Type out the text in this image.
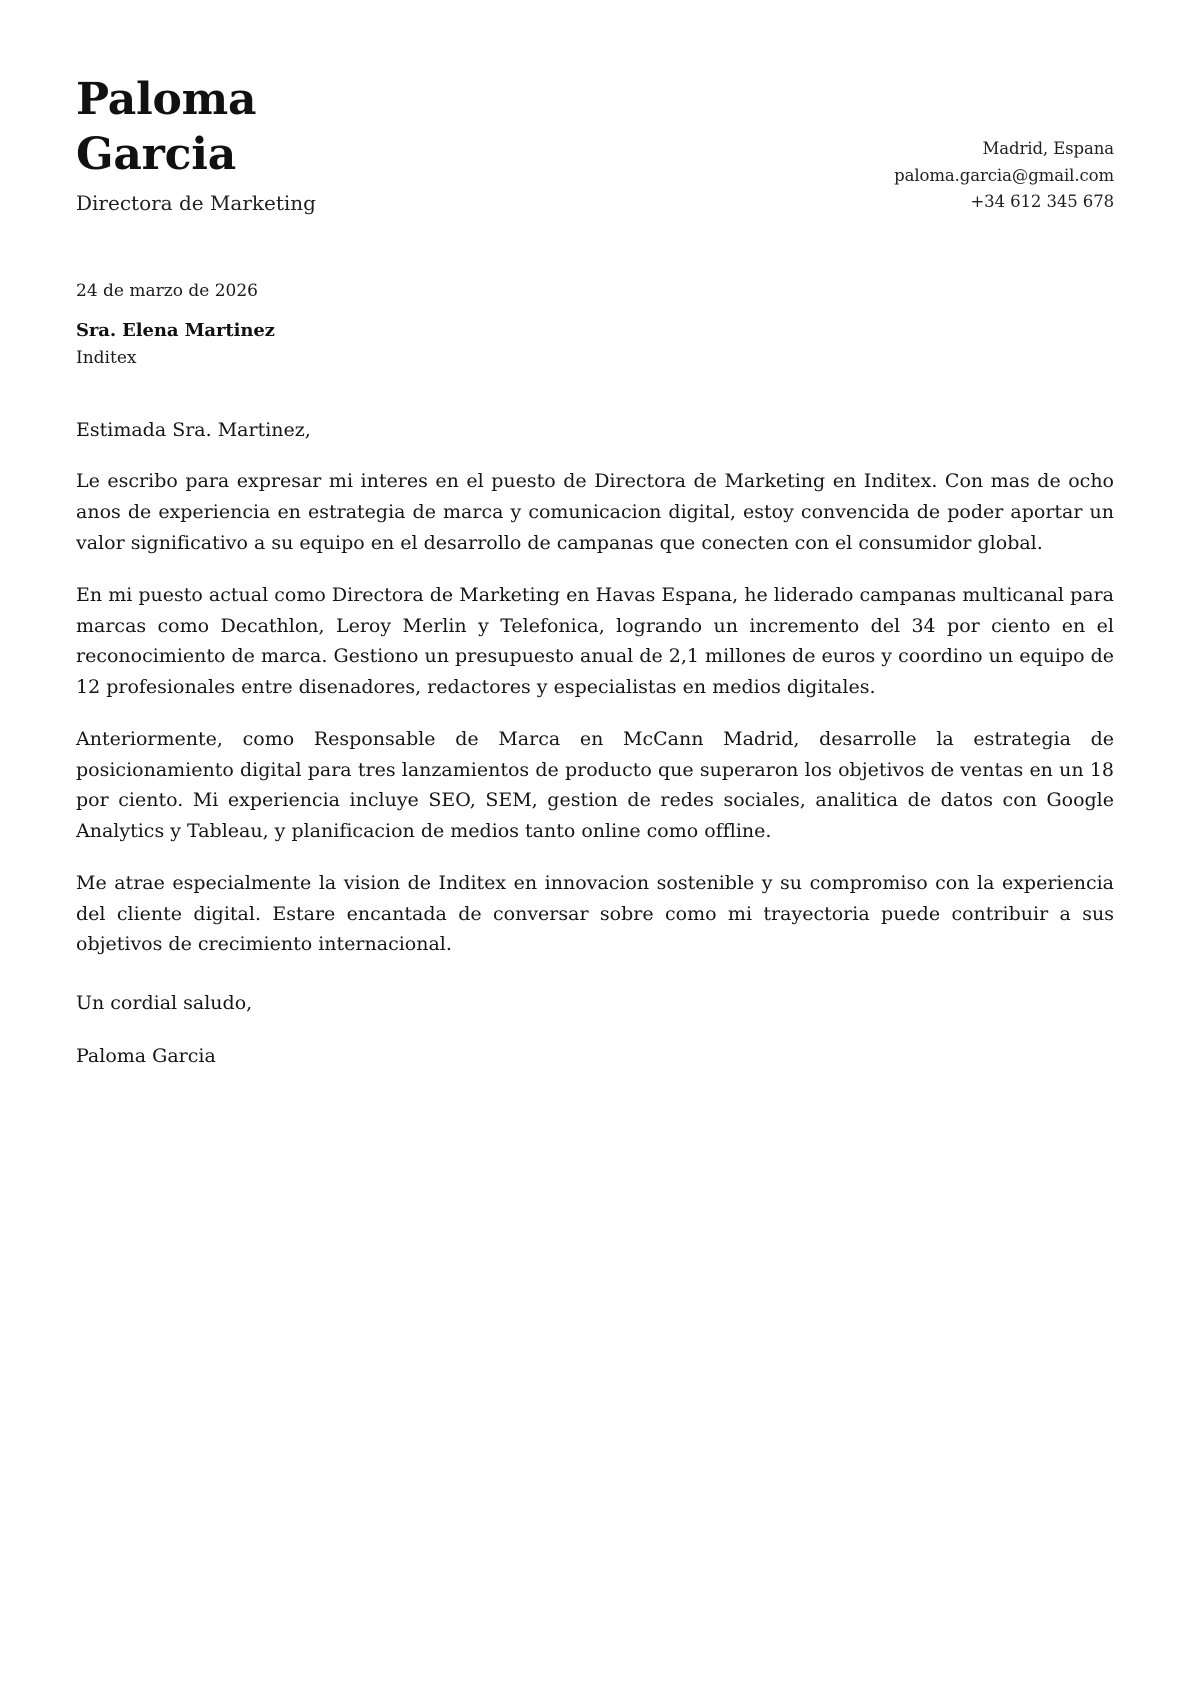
Paloma Garcia
Directora de Marketing
Madrid, Espana
paloma.garcia@gmail.com
+34 612 345 678
24 de marzo de 2026
Sra. Elena Martinez
Inditex
Estimada Sra. Martinez,

Le escribo para expresar mi interes en el puesto de Directora de Marketing en Inditex. Con mas de ocho anos de experiencia en estrategia de marca y comunicacion digital, estoy convencida de poder aportar un valor significativo a su equipo en el desarrollo de campanas que conecten con el consumidor global.

En mi puesto actual como Directora de Marketing en Havas Espana, he liderado campanas multicanal para marcas como Decathlon, Leroy Merlin y Telefonica, logrando un incremento del 34 por ciento en el reconocimiento de marca. Gestiono un presupuesto anual de 2,1 millones de euros y coordino un equipo de 12 profesionales entre disenadores, redactores y especialistas en medios digitales.

Anteriormente, como Responsable de Marca en McCann Madrid, desarrolle la estrategia de posicionamiento digital para tres lanzamientos de producto que superaron los objetivos de ventas en un 18 por ciento. Mi experiencia incluye SEO, SEM, gestion de redes sociales, analitica de datos con Google Analytics y Tableau, y planificacion de medios tanto online como offline.

Me atrae especialmente la vision de Inditex en innovacion sostenible y su compromiso con la experiencia del cliente digital. Estare encantada de conversar sobre como mi trayectoria puede contribuir a sus objetivos de crecimiento internacional.

Un cordial saludo,
Paloma Garcia
